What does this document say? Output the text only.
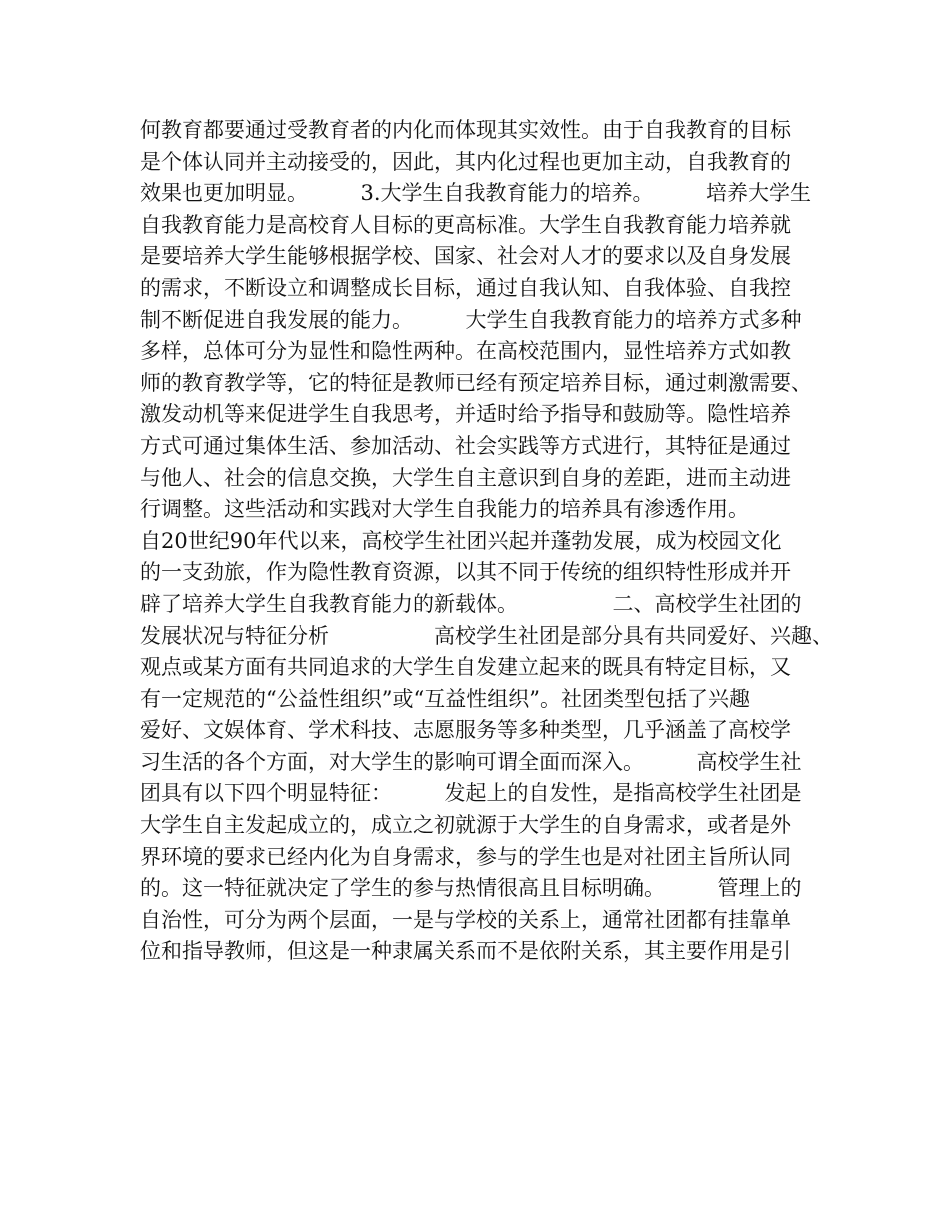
何教育都要通过受教育者的内化而体现其实效性。由于自我教育的目标
是个体认同并主动接受的，因此，其内化过程也更加主动，自我教育的
效果也更加明显。　　　3.大学生自我教育能力的培养。　　　培养大学生
自我教育能力是高校育人目标的更高标准。大学生自我教育能力培养就
是要培养大学生能够根据学校、国家、社会对人才的要求以及自身发展
的需求，不断设立和调整成长目标，通过自我认知、自我体验、自我控
制不断促进自我发展的能力。　　　大学生自我教育能力的培养方式多种
多样，总体可分为显性和隐性两种。在高校范围内，显性培养方式如教
师的教育教学等，它的特征是教师已经有预定培养目标，通过刺激需要、
激发动机等来促进学生自我思考，并适时给予指导和鼓励等。隐性培养
方式可通过集体生活、参加活动、社会实践等方式进行，其特征是通过
与他人、社会的信息交换，大学生自主意识到自身的差距，进而主动进
行调整。这些活动和实践对大学生自我能力的培养具有渗透作用。
自20世纪90年代以来，高校学生社团兴起并蓬勃发展，成为校园文化
的一支劲旅，作为隐性教育资源，以其不同于传统的组织特性形成并开
辟了培养大学生自我教育能力的新载体。　　　　　二、高校学生社团的
发展状况与特征分析　　　　　高校学生社团是部分具有共同爱好、兴趣、
观点或某方面有共同追求的大学生自发建立起来的既具有特定目标，又
有一定规范的“公益性组织”或“互益性组织”。社团类型包括了兴趣
爱好、文娱体育、学术科技、志愿服务等多种类型，几乎涵盖了高校学
习生活的各个方面，对大学生的影响可谓全面而深入。　　　高校学生社
团具有以下四个明显特征：　　　发起上的自发性，是指高校学生社团是
大学生自主发起成立的，成立之初就源于大学生的自身需求，或者是外
界环境的要求已经内化为自身需求，参与的学生也是对社团主旨所认同
的。这一特征就决定了学生的参与热情很高且目标明确。　　　管理上的
自治性，可分为两个层面，一是与学校的关系上，通常社团都有挂靠单
位和指导教师，但这是一种隶属关系而不是依附关系，其主要作用是引
